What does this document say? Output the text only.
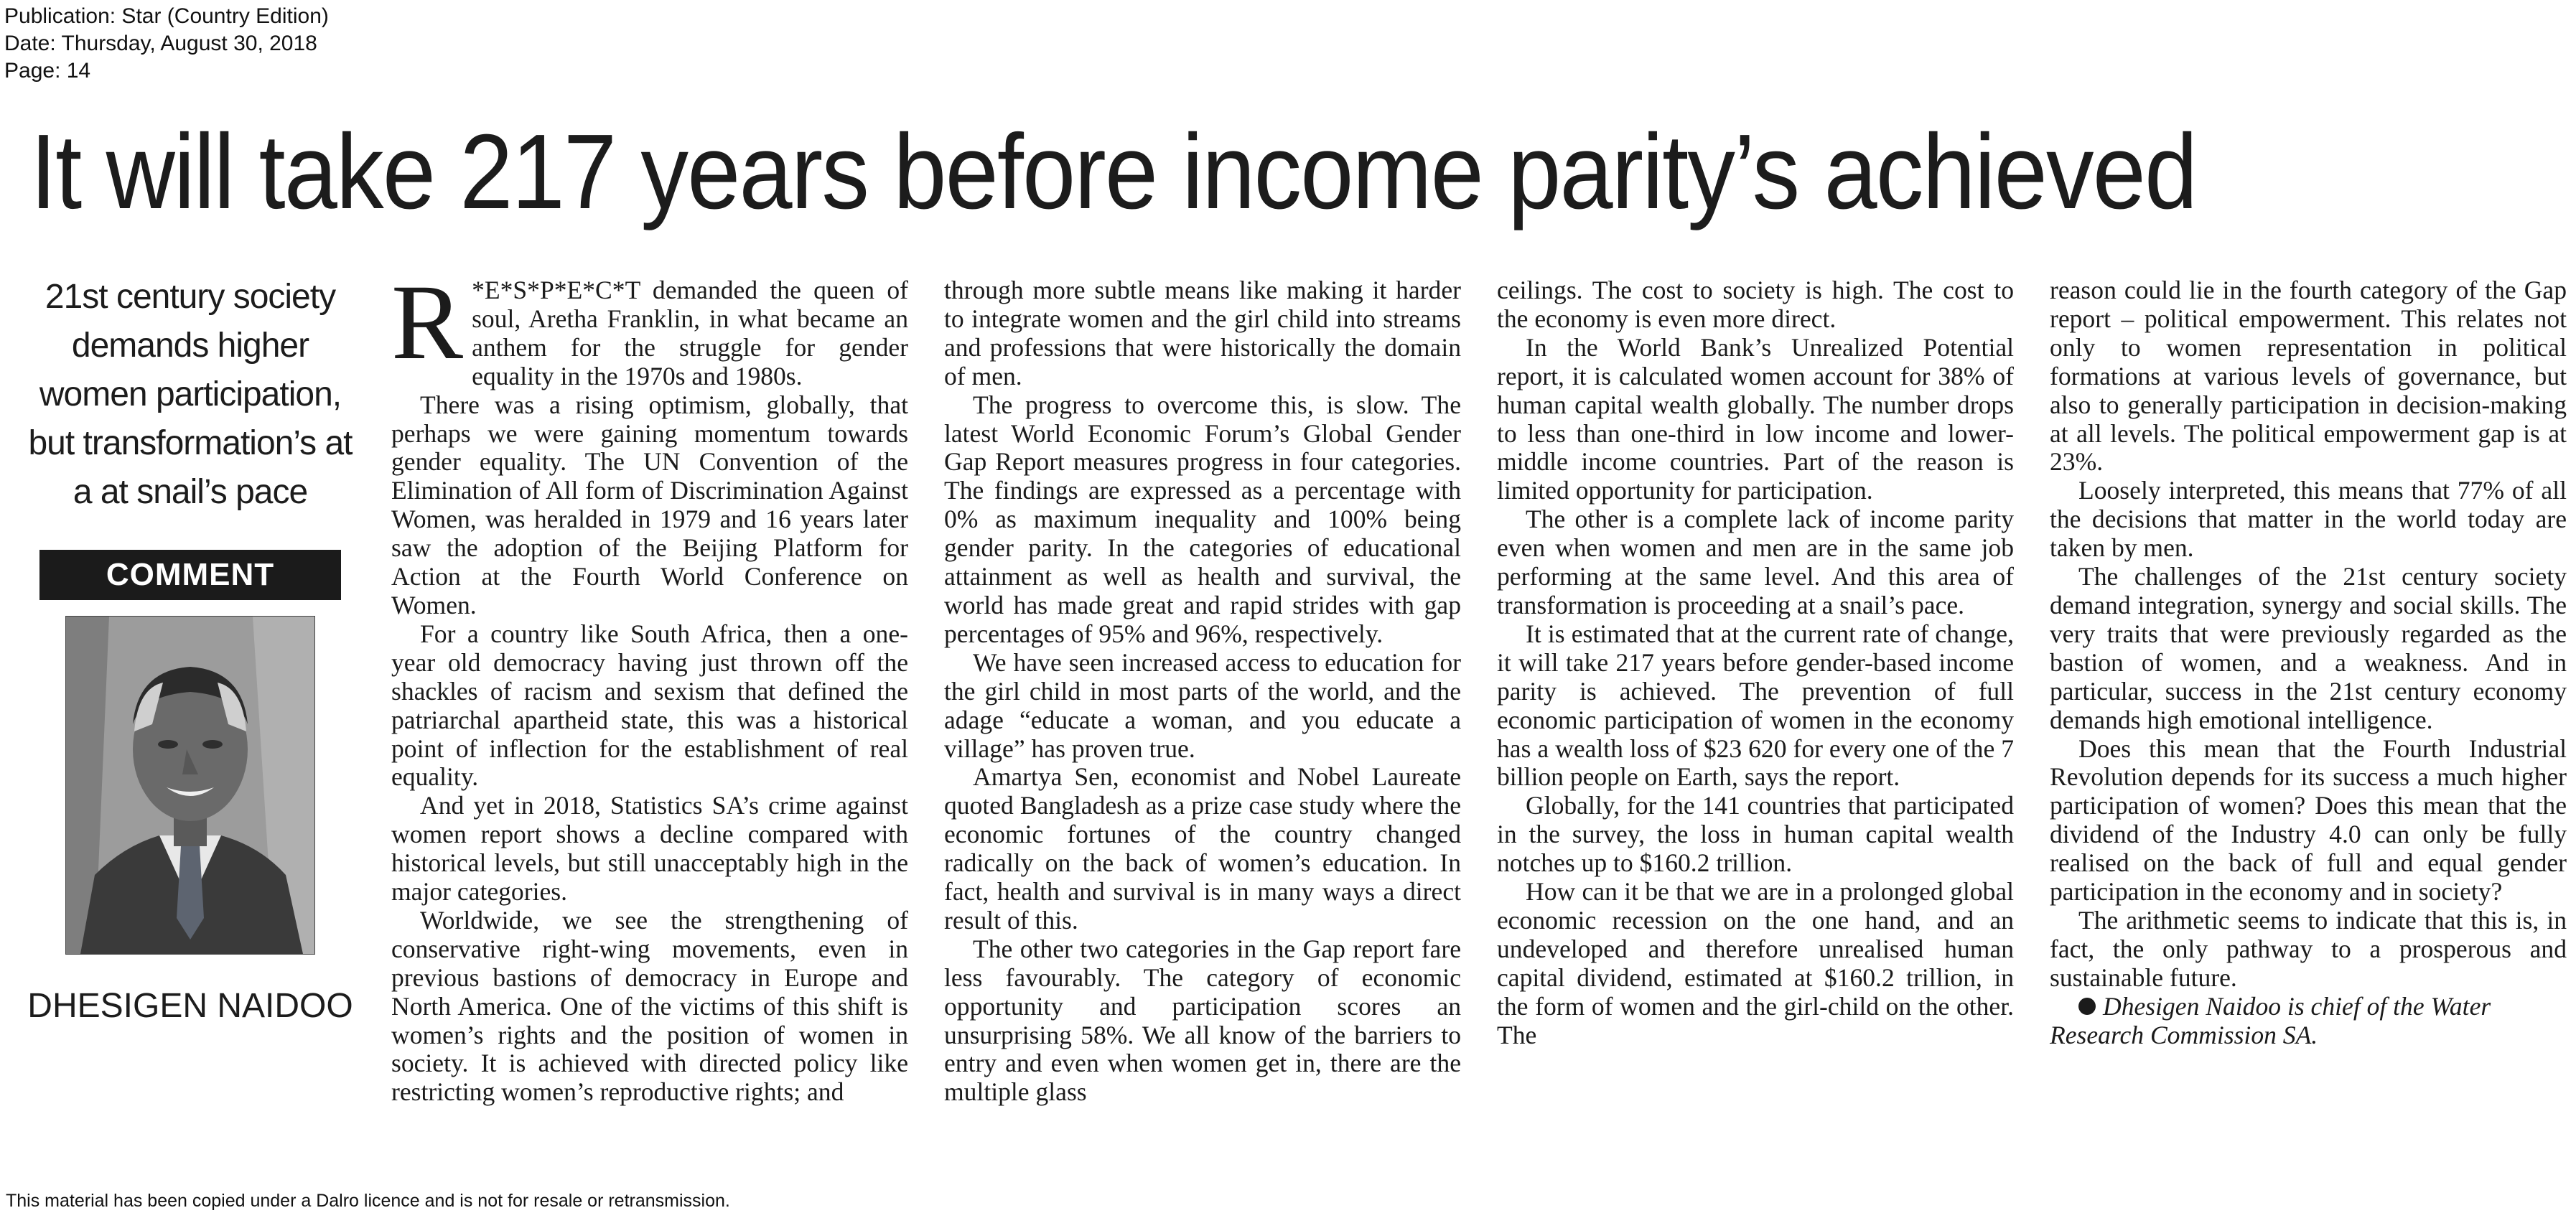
Publication: Star (Country Edition)
Date: Thursday, August 30, 2018
Page: 14
It will take 217 years before income parity’s achieved
21st century society demands higher women participation, but transformation’s at a at snail’s pace
COMMENT
DHESIGEN NAIDOO

R *E*S*P*E*C*T demanded the queen of soul, Aretha Franklin, in what became an anthem for the struggle for gender equality in the 1970s and 1980s.

There was a rising optimism, globally, that perhaps we were gaining momentum towards gender equality. The UN Convention of the Elimination of All form of Discrimination Against Women, was heralded in 1979 and 16 years later saw the adoption of the Beijing Platform for Action at the Fourth World Conference on Women.

For a country like South Africa, then a one-year old democracy having just thrown off the shackles of racism and sexism that defined the patriarchal apartheid state, this was a historical point of inflection for the establishment of real equality.

And yet in 2018, Statistics SA’s crime against women report shows a decline compared with historical levels, but still unacceptably high in the major categories.

Worldwide, we see the strengthening of conservative right-wing movements, even in previous bastions of democracy in Europe and North America. One of the victims of this shift is women’s rights and the position of women in society. It is achieved with directed policy like restricting women’s reproductive rights; and

through more subtle means like making it harder to integrate women and the girl child into streams and professions that were historically the domain of men.

The progress to overcome this, is slow. The latest World Economic Forum’s Global Gender Gap Report measures progress in four categories. The findings are expressed as a percentage with 0% as maximum inequality and 100% being gender parity. In the categories of educational attainment as well as health and survival, the world has made great and rapid strides with gap percentages of 95% and 96%, respectively.

We have seen increased access to education for the girl child in most parts of the world, and the adage “educate a woman, and you educate a village” has proven true.

Amartya Sen, economist and Nobel Laureate quoted Bangladesh as a prize case study where the economic fortunes of the country changed radically on the back of women’s education. In fact, health and survival is in many ways a direct result of this.

The other two categories in the Gap report fare less favourably. The category of economic opportunity and participation scores an unsurprising 58%. We all know of the barriers to entry and even when women get in, there are the multiple glass

ceilings. The cost to society is high. The cost to the economy is even more direct.

In the World Bank’s Unrealized Potential report, it is calculated women account for 38% of human capital wealth globally. The number drops to less than one-third in low income and lower-middle income countries. Part of the reason is limited opportunity for participation.

The other is a complete lack of income parity even when women and men are in the same job performing at the same level. And this area of transformation is proceeding at a snail’s pace.

It is estimated that at the current rate of change, it will take 217 years before gender-based income parity is achieved. The prevention of full economic participation of women in the economy has a wealth loss of $23 620 for every one of the 7 billion people on Earth, says the report.

Globally, for the 141 countries that participated in the survey, the loss in human capital wealth notches up to $160.2 trillion.

How can it be that we are in a prolonged global economic recession on the one hand, and an undeveloped and therefore unrealised human capital dividend, estimated at $160.2 trillion, in the form of women and the girl-child on the other. The

reason could lie in the fourth category of the Gap report – political empowerment. This relates not only to women representation in political formations at various levels of governance, but also to generally participation in decision-making at all levels. The political empowerment gap is at 23%.

Loosely interpreted, this means that 77% of all the decisions that matter in the world today are taken by men.

The challenges of the 21st century society demand integration, synergy and social skills. The very traits that were previously regarded as the bastion of women, and a weakness. And in particular, success in the 21st century economy demands high emotional intelligence.

Does this mean that the Fourth Industrial Revolution depends for its success a much higher participation of women? Does this mean that the dividend of the Industry 4.0 can only be fully realised on the back of full and equal gender participation in the economy and in society?

The arithmetic seems to indicate that this is, in fact, the only pathway to a prosperous and sustainable future.

Dhesigen Naidoo is chief of the Water Research Commission SA.

This material has been copied under a Dalro licence and is not for resale or retransmission.
